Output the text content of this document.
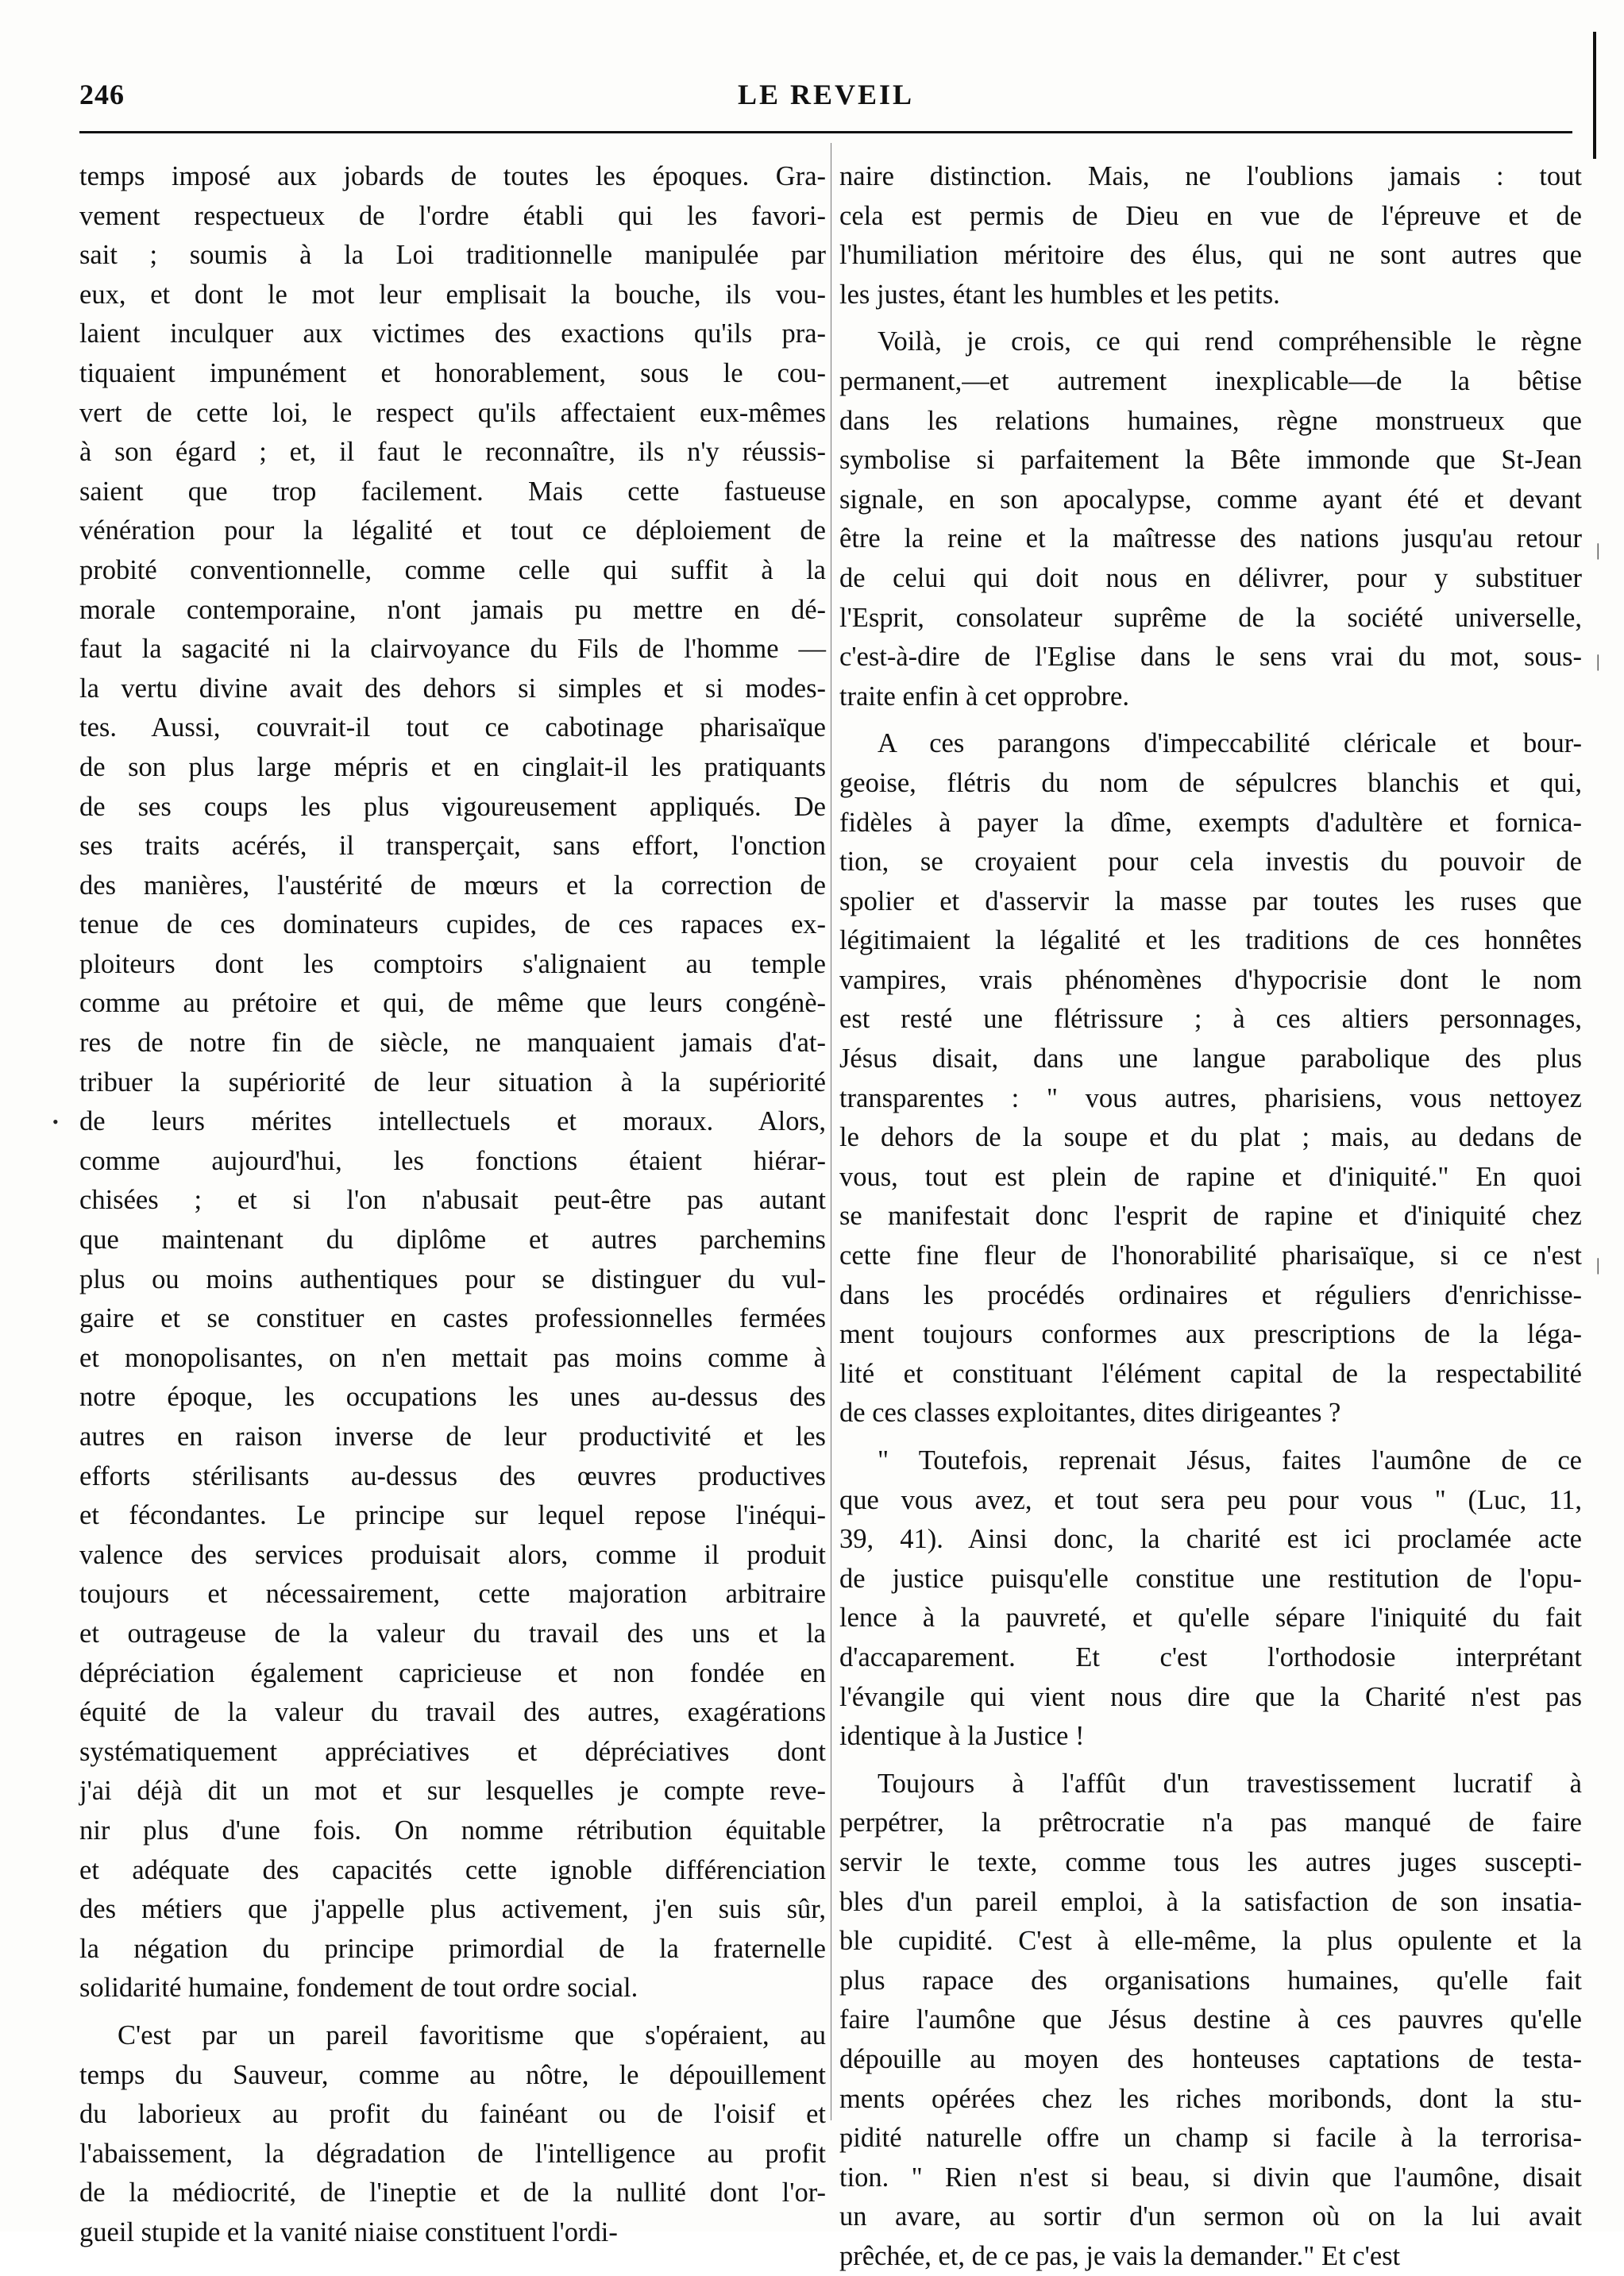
246	LE REVEIL
temps imposé aux jobards de toutes les époques. Gra-
vement respectueux de l'ordre établi qui les favori-
sait ; soumis à la Loi traditionnelle manipulée par
eux, et dont le mot leur emplisait la bouche, ils vou-
laient inculquer aux victimes des exactions qu'ils pra-
tiquaient impunément et honorablement, sous le cou-
vert de cette loi, le respect qu'ils affectaient eux-mêmes
à son égard ; et, il faut le reconnaître, ils n'y réussis-
saient que trop facilement. Mais cette fastueuse
vénération pour la légalité et tout ce déploiement de
probité conventionnelle, comme celle qui suffit à la
morale contemporaine, n'ont jamais pu mettre en dé-
faut la sagacité ni la clairvoyance du Fils de l'homme —
la vertu divine avait des dehors si simples et si modes-
tes. Aussi, couvrait-il tout ce cabotinage pharisaïque
de son plus large mépris et en cinglait-il les pratiquants
de ses coups les plus vigoureusement appliqués. De
ses traits acérés, il transperçait, sans effort, l'onction
des manières, l'austérité de mœurs et la correction de
tenue de ces dominateurs cupides, de ces rapaces ex-
ploiteurs dont les comptoirs s'alignaient au temple
comme au prétoire et qui, de même que leurs congénè-
res de notre fin de siècle, ne manquaient jamais d'at-
tribuer la supériorité de leur situation à la supériorité
de leurs mérites intellectuels et moraux. Alors,
comme aujourd'hui, les fonctions étaient hiérar-
chisées ; et si l'on n'abusait peut-être pas autant
que maintenant du diplôme et autres parchemins
plus ou moins authentiques pour se distinguer du vul-
gaire et se constituer en castes professionnelles fermées
et monopolisantes, on n'en mettait pas moins comme à
notre époque, les occupations les unes au-dessus des
autres en raison inverse de leur productivité et les
efforts stérilisants au-dessus des œuvres productives
et fécondantes. Le principe sur lequel repose l'inéqui-
valence des services produisait alors, comme il produit
toujours et nécessairement, cette majoration arbitraire
et outrageuse de la valeur du travail des uns et la
dépréciation également capricieuse et non fondée en
équité de la valeur du travail des autres, exagérations
systématiquement appréciatives et dépréciatives dont
j'ai déjà dit un mot et sur lesquelles je compte reve-
nir plus d'une fois. On nomme rétribution équitable
et adéquate des capacités cette ignoble différenciation
des métiers que j'appelle plus activement, j'en suis sûr,
la négation du principe primordial de la fraternelle
solidarité humaine, fondement de tout ordre social.
C'est par un pareil favoritisme que s'opéraient, au
temps du Sauveur, comme au nôtre, le dépouillement
du laborieux au profit du fainéant ou de l'oisif et
l'abaissement, la dégradation de l'intelligence au profit
de la médiocrité, de l'ineptie et de la nullité dont l'or-
gueil stupide et la vanité niaise constituent l'ordi-
naire distinction. Mais, ne l'oublions jamais : tout
cela est permis de Dieu en vue de l'épreuve et de
l'humiliation méritoire des élus, qui ne sont autres que
les justes, étant les humbles et les petits.
Voilà, je crois, ce qui rend compréhensible le règne
permanent,—et autrement inexplicable—de la bêtise
dans les relations humaines, règne monstrueux que
symbolise si parfaitement la Bête immonde que St-Jean
signale, en son apocalypse, comme ayant été et devant
être la reine et la maîtresse des nations jusqu'au retour
de celui qui doit nous en délivrer, pour y substituer
l'Esprit, consolateur suprême de la société universelle,
c'est-à-dire de l'Eglise dans le sens vrai du mot, sous-
traite enfin à cet opprobre.
A ces parangons d'impeccabilité cléricale et bour-
geoise, flétris du nom de sépulcres blanchis et qui,
fidèles à payer la dîme, exempts d'adultère et fornica-
tion, se croyaient pour cela investis du pouvoir de
spolier et d'asservir la masse par toutes les ruses que
légitimaient la légalité et les traditions de ces honnêtes
vampires, vrais phénomènes d'hypocrisie dont le nom
est resté une flétrissure ; à ces altiers personnages,
Jésus disait, dans une langue parabolique des plus
transparentes : " vous autres, pharisiens, vous nettoyez
le dehors de la soupe et du plat ; mais, au dedans de
vous, tout est plein de rapine et d'iniquité." En quoi
se manifestait donc l'esprit de rapine et d'iniquité chez
cette fine fleur de l'honorabilité pharisaïque, si ce n'est
dans les procédés ordinaires et réguliers d'enrichisse-
ment toujours conformes aux prescriptions de la léga-
lité et constituant l'élément capital de la respectabilité
de ces classes exploitantes, dites dirigeantes ?
" Toutefois, reprenait Jésus, faites l'aumône de ce
que vous avez, et tout sera peu pour vous " (Luc, 11,
39, 41). Ainsi donc, la charité est ici proclamée acte
de justice puisqu'elle constitue une restitution de l'opu-
lence à la pauvreté, et qu'elle sépare l'iniquité du fait
d'accaparement. Et c'est l'orthodosie interprétant
l'évangile qui vient nous dire que la Charité n'est pas
identique à la Justice !
Toujours à l'affût d'un travestissement lucratif à
perpétrer, la prêtrocratie n'a pas manqué de faire
servir le texte, comme tous les autres juges suscepti-
bles d'un pareil emploi, à la satisfaction de son insatia-
ble cupidité. C'est à elle-même, la plus opulente et la
plus rapace des organisations humaines, qu'elle fait
faire l'aumône que Jésus destine à ces pauvres qu'elle
dépouille au moyen des honteuses captations de testa-
ments opérées chez les riches moribonds, dont la stu-
pidité naturelle offre un champ si facile à la terrorisa-
tion. " Rien n'est si beau, si divin que l'aumône, disait
un avare, au sortir d'un sermon où on la lui avait
prêchée, et, de ce pas, je vais la demander." Et c'est
•
|
|
|
